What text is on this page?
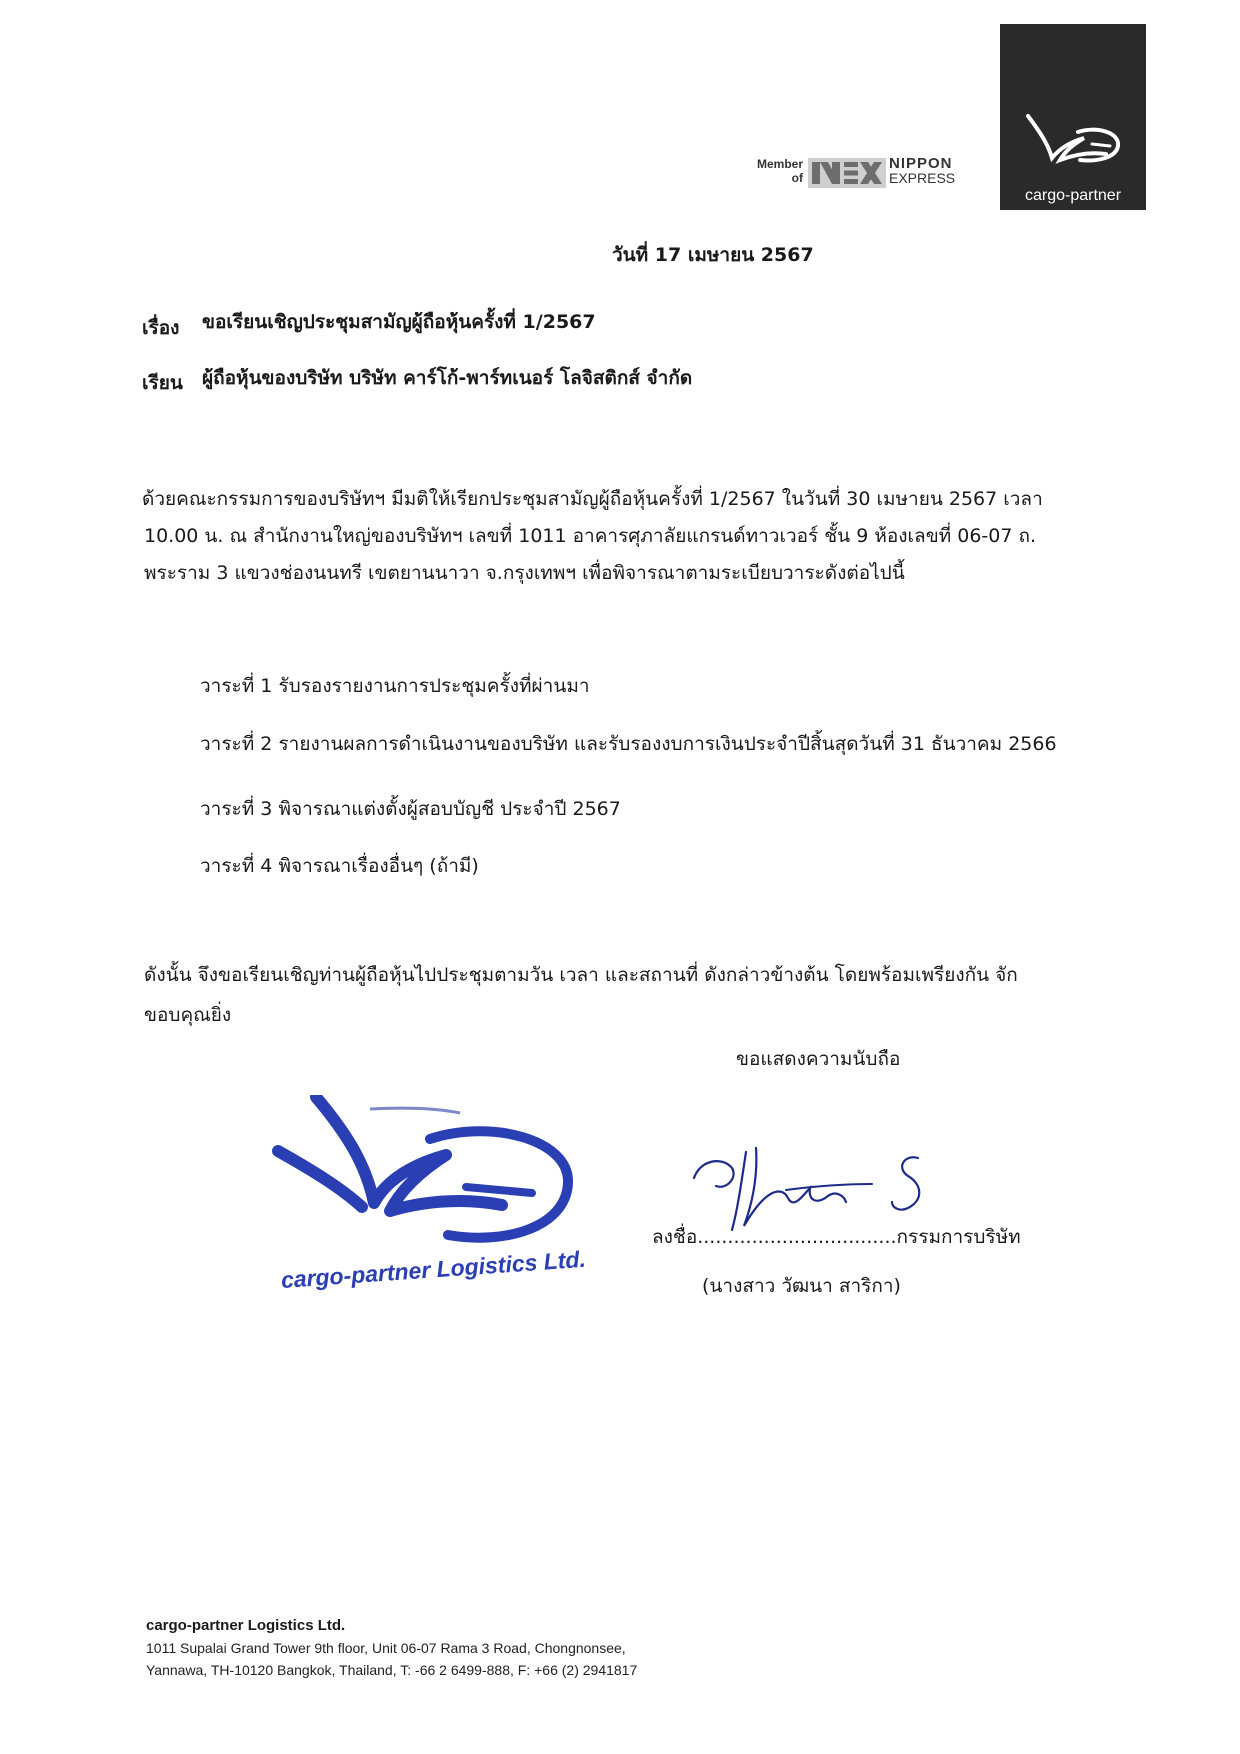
Member
of
NIPPON
EXPRESS
cargo-partner
วันที่ 17 เมษายน 2567
เรื่อง ขอเรียนเชิญประชุมสามัญผู้ถือหุ้นครั้งที่ 1/2567
เรียน ผู้ถือหุ้นของบริษัท บริษัท คาร์โก้-พาร์ทเนอร์ โลจิสติกส์ จำกัด
ด้วยคณะกรรมการของบริษัทฯ มีมติให้เรียกประชุมสามัญผู้ถือหุ้นครั้งที่ 1/2567 ในวันที่ 30 เมษายน 2567 เวลา
10.00 น. ณ สำนักงานใหญ่ของบริษัทฯ เลขที่ 1011 อาคารศุภาลัยแกรนด์ทาวเวอร์ ชั้น 9 ห้องเลขที่ 06-07 ถ.
พระราม 3 แขวงช่องนนทรี เขตยานนาวา จ.กรุงเทพฯ เพื่อพิจารณาตามระเบียบวาระดังต่อไปนี้
วาระที่ 1 รับรองรายงานการประชุมครั้งที่ผ่านมา
วาระที่ 2 รายงานผลการดำเนินงานของบริษัท และรับรองงบการเงินประจำปีสิ้นสุดวันที่ 31 ธันวาคม 2566
วาระที่ 3 พิจารณาแต่งตั้งผู้สอบบัญชี ประจำปี 2567
วาระที่ 4 พิจารณาเรื่องอื่นๆ (ถ้ามี)
ดังนั้น จึงขอเรียนเชิญท่านผู้ถือหุ้นไปประชุมตามวัน เวลา และสถานที่ ดังกล่าวข้างต้น โดยพร้อมเพรียงกัน จัก
ขอบคุณยิ่ง
ขอแสดงความนับถือ
cargo-partner Logistics Ltd.
ลงชื่อ.................................กรรมการบริษัท
(นางสาว วัฒนา สาริกา)
cargo-partner Logistics Ltd.
1011 Supalai Grand Tower 9th floor, Unit 06-07 Rama 3 Road, Chongnonsee,
Yannawa, TH-10120 Bangkok, Thailand, T: -66 2 6499-888, F: +66 (2) 2941817
